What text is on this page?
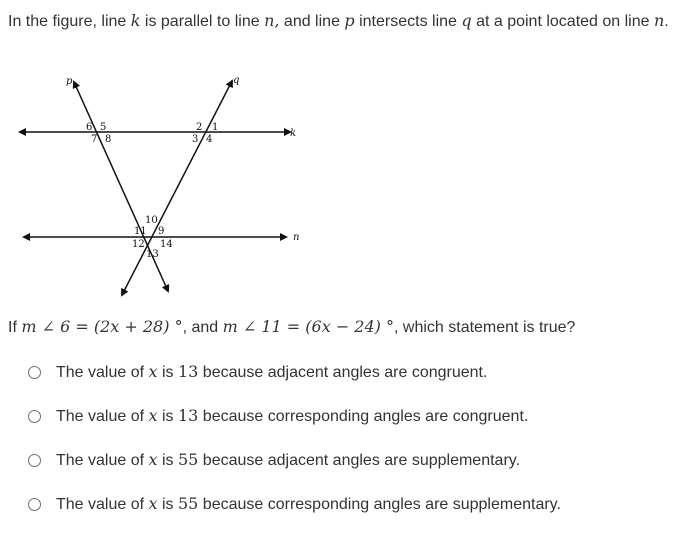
In the figure, line k is parallel to line n, and line p intersects line q at a point located on line n.
p	q
k
n
6 5
7 8
2 1
3 4
10
11 9
12 14
13
If m ∠ 6 = (2x + 28) °, and m ∠ 11 = (6x − 24) °, which statement is true?
The value of x is 13 because adjacent angles are congruent.
The value of x is 13 because corresponding angles are congruent.
The value of x is 55 because adjacent angles are supplementary.
The value of x is 55 because corresponding angles are supplementary.
